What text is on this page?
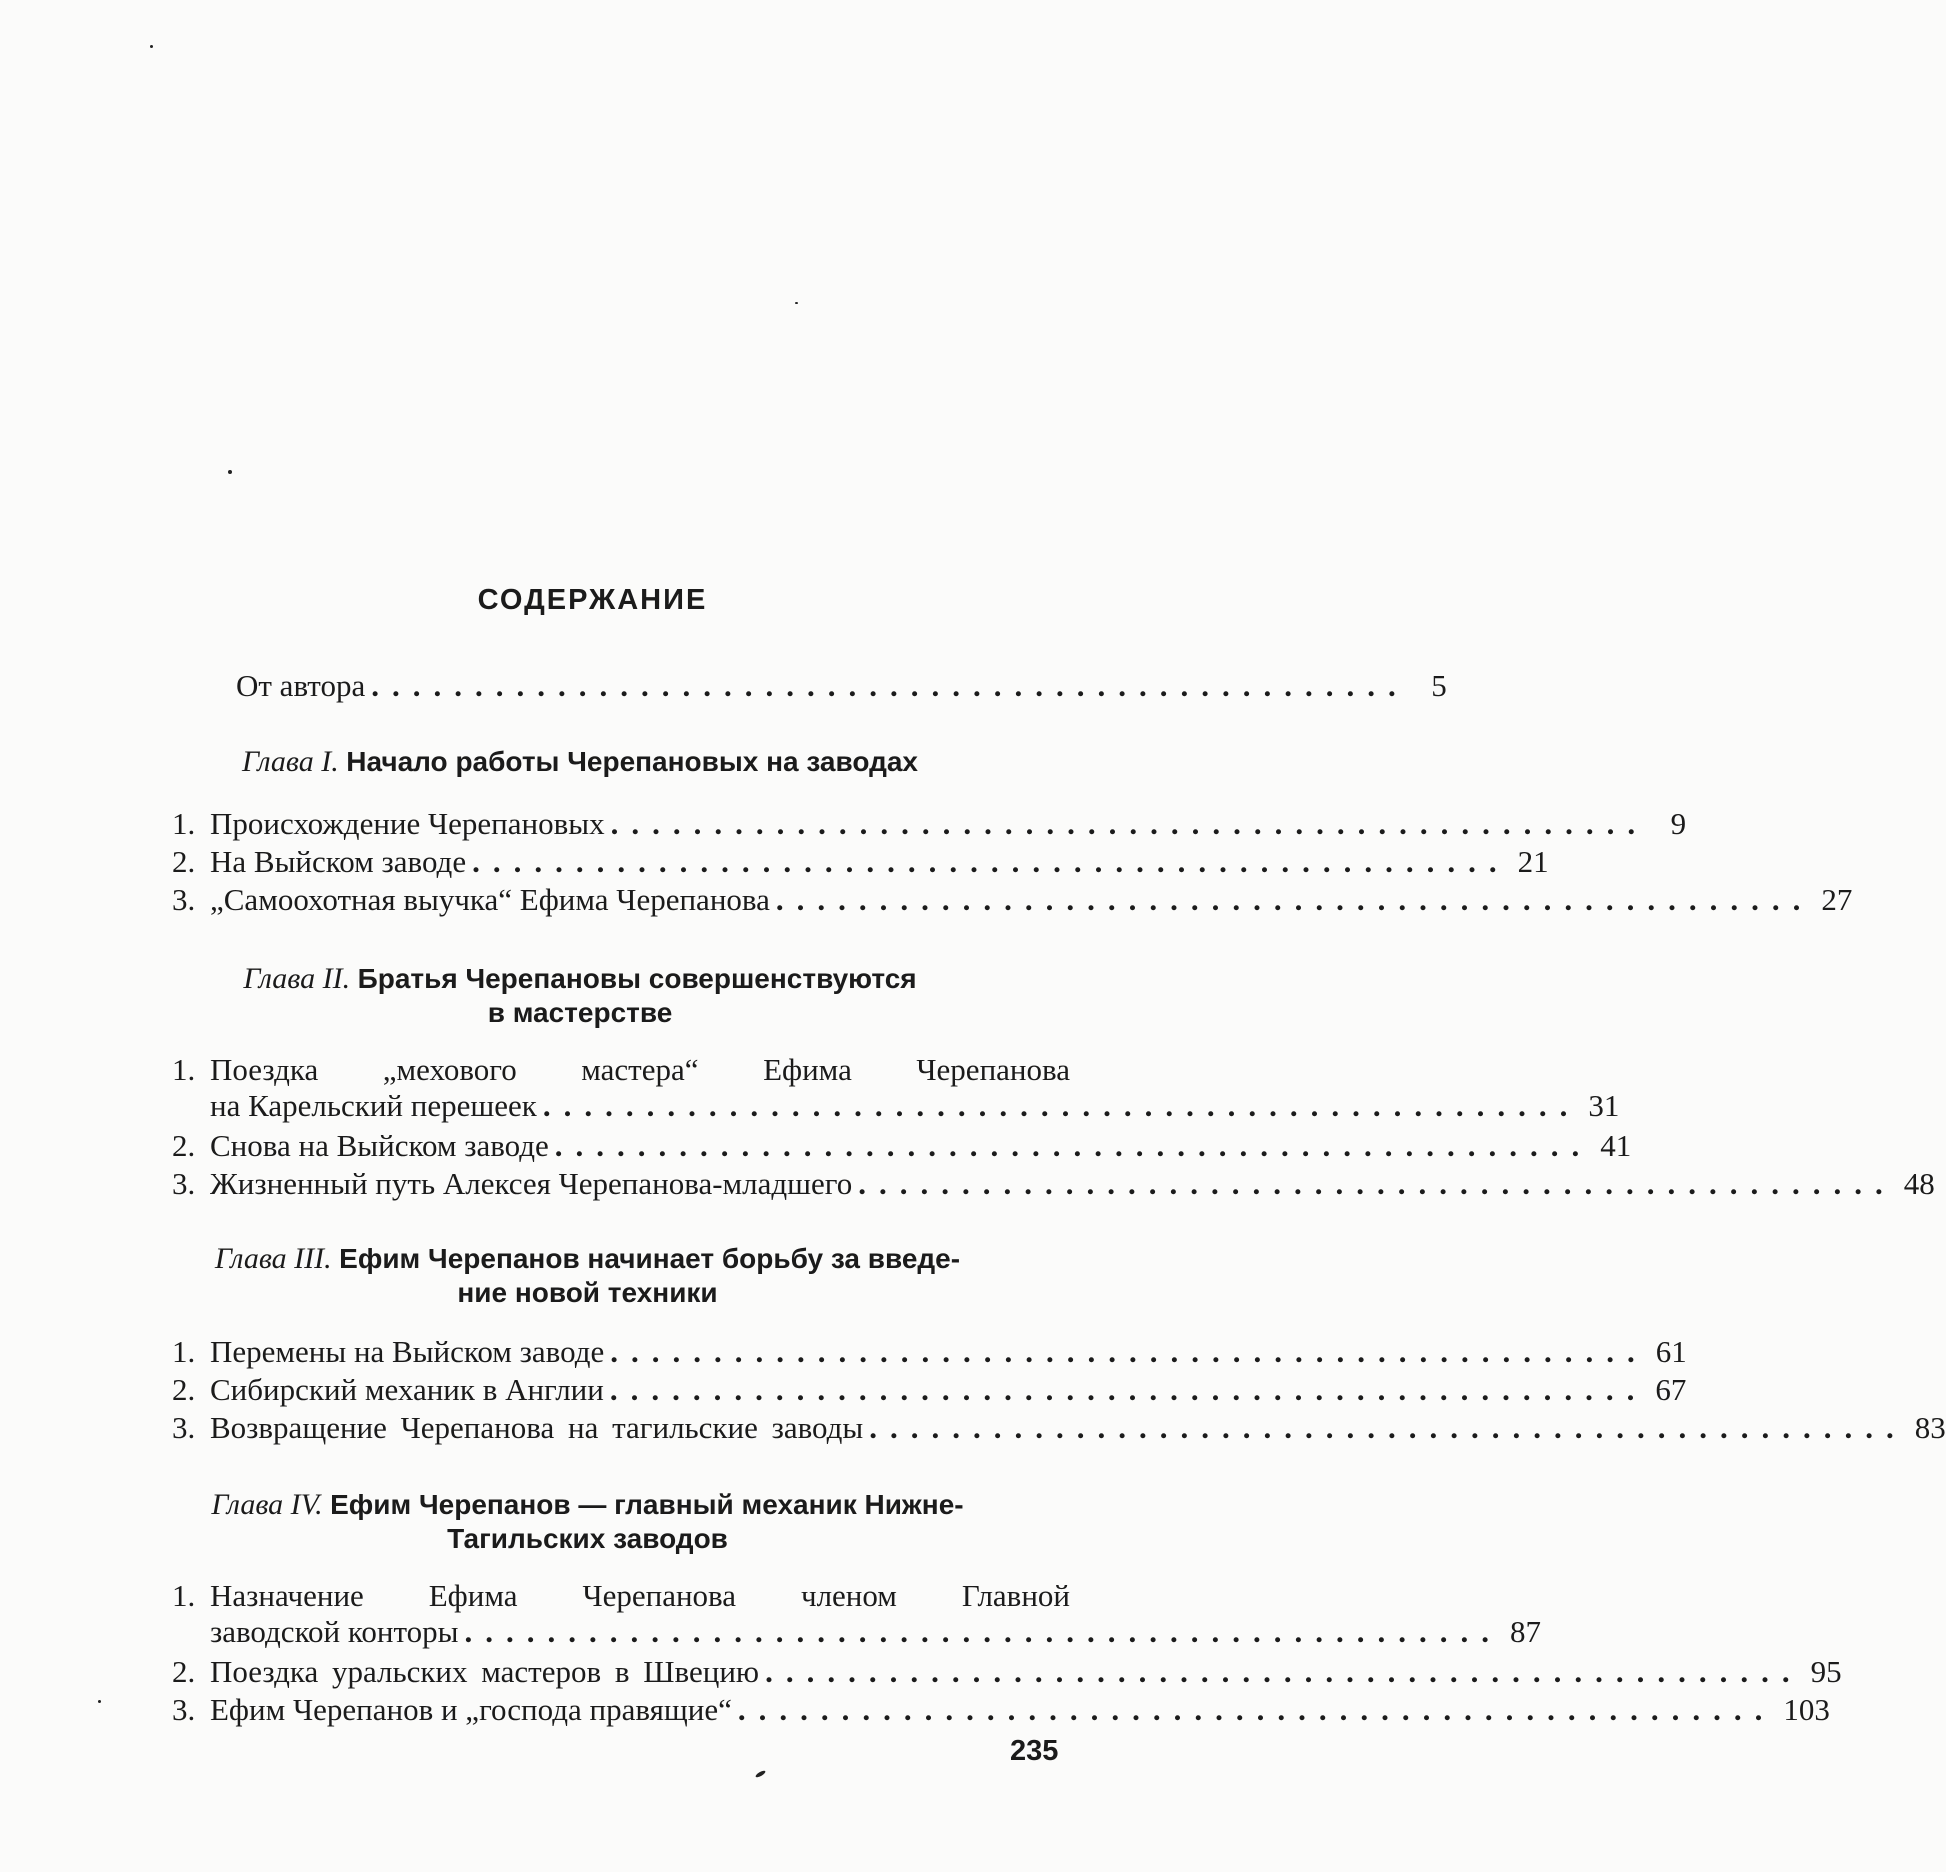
СОДЕРЖАНИЕ
От автора .................................................. 5
Глава I. Начало работы Черепановых на заводах
1. Происхождение Черепановых .................................................. 9
2. На Выйском заводе .................................................. 21
3. „Самоохотная выучка“ Ефима Черепанова .................................................. 27
Глава II. Братья Черепановы совершенствуются
в мастерстве
1. Поездка „мехового мастера“ Ефима Черепанова
на Карельский перешеек .................................................. 31
2. Снова на Выйском заводе .................................................. 41
3. Жизненный путь Алексея Черепанова-младшего .................................................. 48
Глава III. Ефим Черепанов начинает борьбу за введе-
ние новой техники
1. Перемены на Выйском заводе .................................................. 61
2. Сибирский механик в Англии .................................................. 67
3. Возвращение Черепанова на тагильские заводы .................................................. 83
Глава IV. Ефим Черепанов — главный механик Нижне-
Тагильских заводов
1. Назначение Ефима Черепанова членом Главной
заводской конторы .................................................. 87
2. Поездка уральских мастеров в Швецию .................................................. 95
3. Ефим Черепанов и „господа правящие“ .................................................. 103
235
